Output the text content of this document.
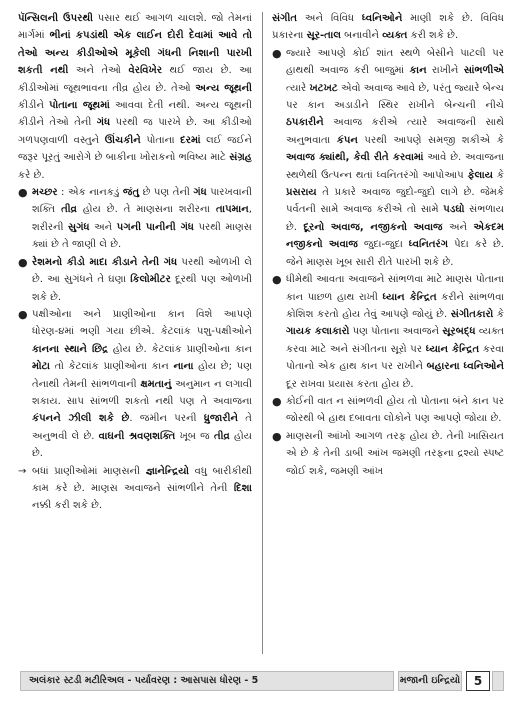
પૅન્સિલની ઉપરથી પસાર થઈ આગળ ચાલશે. જો તેમનાં માર્ગમાં ભીનાં કપડાંથી એક લાઈન દોરી દેવામાં આવે તો તેઓ અન્ય કીડીઓએ મૂકેલી ગંધની નિશાની પારખી શકતી નથી અને તેઓ વેરવિખેર થઈ જાય છે. આ કીડીઓમાં જૂથભાવના તીવ્ર હોય છે. તેઓ અન્ય જૂથની કીડીને પોતાના જૂથમાં આવવા દેતી નથી. અન્ય જૂથની કીડીને તેઓ તેની ગંધ પરથી જ પારખે છે. આ કીડીઓ ગળપણવાળી વસ્તુને ઊંચકીને પોતાના દરમાં લઈ જઈને જરૂર પૂરતું આરોગે છે બાકીના ખોરાકનો ભવિષ્ય માટે સંગ્રહ કરે છે.

● મચ્છર : એક નાનકડું જંતુ છે પણ તેની ગંધ પારખવાની શક્તિ તીવ્ર હોય છે. તે માણસના શરીરના તાપમાન, શરીરની સુગંધ અને પગની પાનીની ગંધ પરથી માણસ ક્યાં છે તે જાણી લે છે.
● રેશમનો કીડો માદા કીડાને તેની ગંધ પરથી ઓળખી લે છે. આ સુગંધને તે ઘણા કિલોમીટર દૂરથી પણ ઓળખી શકે છે.
● પક્ષીઓના અને પ્રાણીઓના કાન વિશે આપણે ધોરણ-૪માં ભણી ગયા છીએ. કેટલાંક પશુ-પક્ષીઓને કાનના સ્થાને છિદ્ર હોય છે. કેટલાંક પ્રાણીઓના કાન મોટા તો કેટલાંક પ્રાણીઓના કાન નાના હોય છે; પણ તેનાથી તેમની સાંભળવાની ક્ષમતાનું અનુમાન ન લગાવી શકાય. સાપ સાંભળી શકતો નથી પણ તે અવાજના કંપનને ઝીલી શકે છે. જમીન પરની ધ્રુજારીને તે અનુભવી લે છે. વાઘની શ્રવણશક્તિ ખૂબ જ તીવ્ર હોય છે.
→ બધાં પ્રાણીઓમાં માણસની જ્ઞાનેન્દ્રિયો વધુ બારીકીથી કામ કરે છે. માણસ અવાજને સાંભળીને તેની દિશા નક્કી કરી શકે છે.

સંગીત અને વિવિધ ધ્વનિઓને માણી શકે છે. વિવિધ પ્રકારના સૂર-તાલ બનાવીને વ્યક્ત કરી શકે છે.

● જ્યારે આપણે કોઈ શાંત સ્થળે બેસીને પાટલી પર હાથથી અવાજ કરી બાજુમાં કાન રાખીને સાંભળીએ ત્યારે ખટખટ એવો અવાજ આવે છે, પરંતુ જ્યારે બેન્ચ પર કાન અડાડીને સ્થિર રાખીને બેન્ચની નીચે ઠપકારીને અવાજ કરીએ ત્યારે અવાજની સાથે અનુભવાતા કંપન પરથી આપણે સમજી શકીએ કે અવાજ ક્યાંથી, કેવી રીતે કરવામાં આવે છે. અવાજના સ્થળેથી ઉત્પન્ન થતાં ધ્વનિતરંગો આપોઆપ ફેલાય કે પ્રસરાય તે પ્રકારે અવાજ જુદો-જુદો લાગે છે. જેમકે પર્વતની સામે અવાજ કરીએ તો સામે પડઘો સંભળાય છે. દૂરનો અવાજ, નજીકનો અવાજ અને એકદમ નજીકનો અવાજ જુદા-જુદા ધ્વનિતરંગ પેદા કરે છે. જેને માણસ ખૂબ સારી રીતે પારખી શકે છે.
● ધીમેથી આવતા અવાજને સાંભળવા માટે માણસ પોતાના કાન પાછળ હાથ રાખી ધ્યાન કેન્દ્રિત કરીને સાંભળવા કોશિશ કરતો હોય તેવું આપણે જોયું છે. સંગીતકારો કે ગાયક કલાકારો પણ પોતાના અવાજને સૂરબદ્ધ વ્યક્ત કરવા માટે અને સંગીતના સૂરો પર ધ્યાન કેન્દ્રિત કરવા પોતાનો એક હાથ કાન પર રાખીને બહારના ધ્વનિઓને દૂર રાખવા પ્રયાસ કરતા હોય છે.
● કોઈની વાત ન સાંભળવી હોય તો પોતાના બંને કાન પર જોરથી બે હાથ દબાવતા લોકોને પણ આપણે જોયા છે.
● માણસની આંખો આગળ તરફ હોય છે. તેની ખાસિયત એ છે કે તેની ડાબી આંખ જમણી તરફના દ્રશ્યો સ્પષ્ટ જોઈ શકે, જમણી આંખ
અલંકાર સ્ટડી મટીરિઅલ - પર્યાવરણ : આસપાસ ધોરણ - 5	મજાની ઇન્દ્રિયો	5
